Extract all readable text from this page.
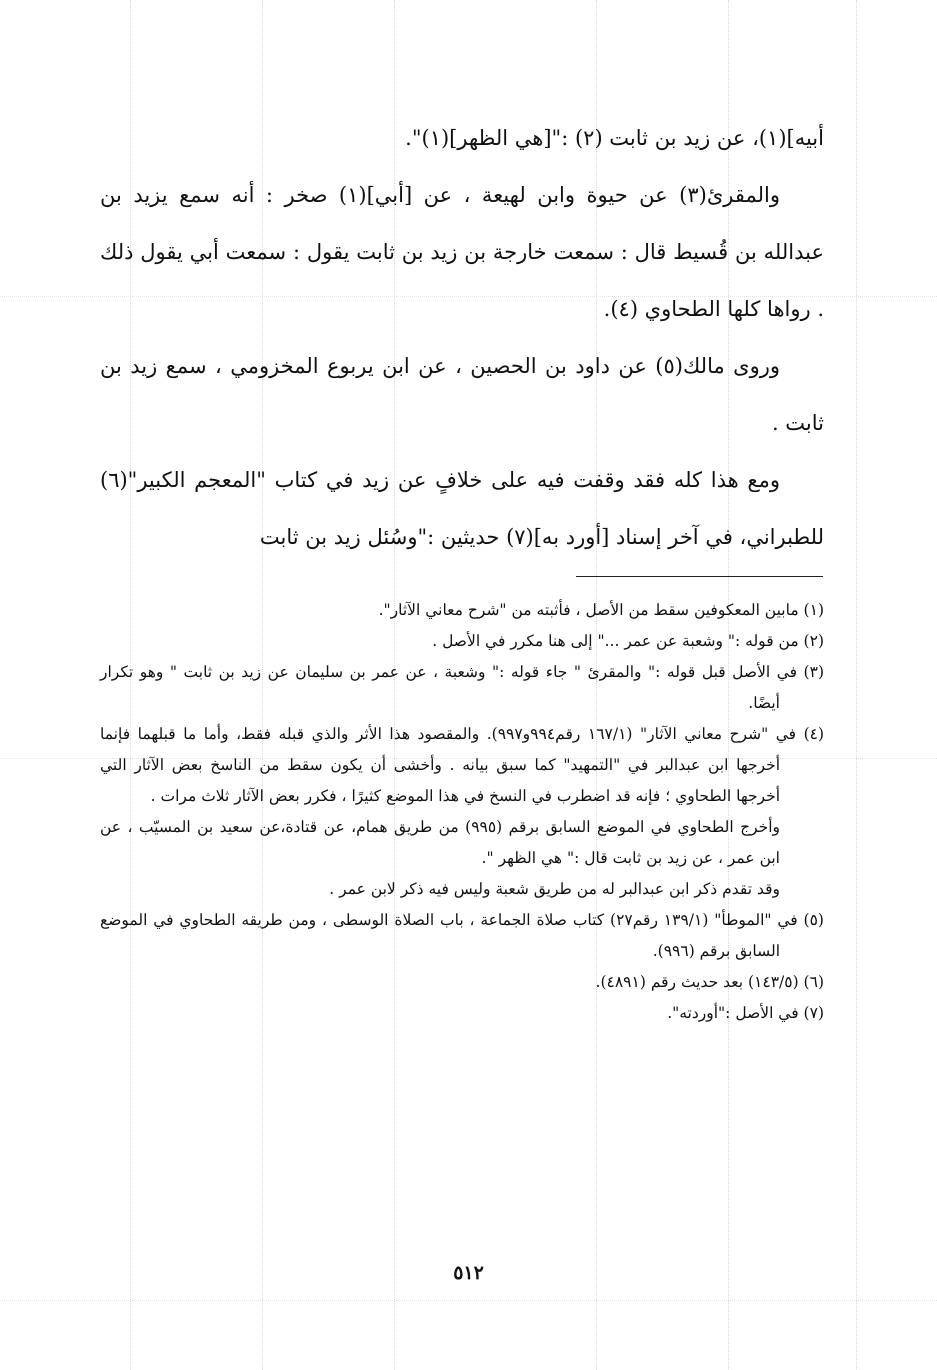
أبيه](١)، عن زيد بن ثابت (٢) :"[هي الظهر](١)".

والمقرئ(٣) عن حيوة وابن لهيعة ، عن [أبي](١) صخر : أنه سمع يزيد بن عبدالله بن قُسيط قال : سمعت خارجة بن زيد بن ثابت يقول : سمعت أبي يقول ذلك . رواها كلها الطحاوي (٤).

وروى مالك(٥) عن داود بن الحصين ، عن ابن يربوع المخزومي ، سمع زيد بن ثابت .

ومع هذا كله فقد وقفت فيه على خلافٍ عن زيد في كتاب "المعجم الكبير"(٦) للطبراني، في آخر إسناد [أورد به](٧) حديثين :"وسُئل زيد بن ثابت

(١) مابين المعكوفين سقط من الأصل ، فأثبته من "شرح معاني الآثار".

(٢) من قوله :" وشعبة عن عمر ..." إلى هنا مكرر في الأصل .

(٣) في الأصل قبل قوله :" والمقرئ " جاء قوله :" وشعبة ، عن عمر بن سليمان عن زيد بن ثابت " وهو تكرار أيضًا.

(٤) في "شرح معاني الآثار" (١٦٧/١ رقم٩٩٤و٩٩٧). والمقصود هذا الأثر والذي قبله فقط، وأما ما قبلهما فإنما أخرجها ابن عبدالبر في "التمهيد" كما سبق بيانه . وأخشى أن يكون سقط من الناسخ بعض الآثار التي أخرجها الطحاوي ؛ فإنه قد اضطرب في النسخ في هذا الموضع كثيرًا ، فكرر بعض الآثار ثلاث مرات .

وأخرج الطحاوي في الموضع السابق برقم (٩٩٥) من طريق همام، عن قتادة،عن سعيد بن المسيّب ، عن ابن عمر ، عن زيد بن ثابت قال :" هي الظهر ".

وقد تقدم ذكر ابن عبدالبر له من طريق شعبة وليس فيه ذكر لابن عمر .

(٥) في "الموطأ" (١٣٩/١ رقم٢٧) كتاب صلاة الجماعة ، باب الصلاة الوسطى ، ومن طريقه الطحاوي في الموضع السابق برقم (٩٩٦).

(٦) (١٤٣/٥) بعد حديث رقم (٤٨٩١).

(٧) في الأصل :"أوردته".

٥١٢
